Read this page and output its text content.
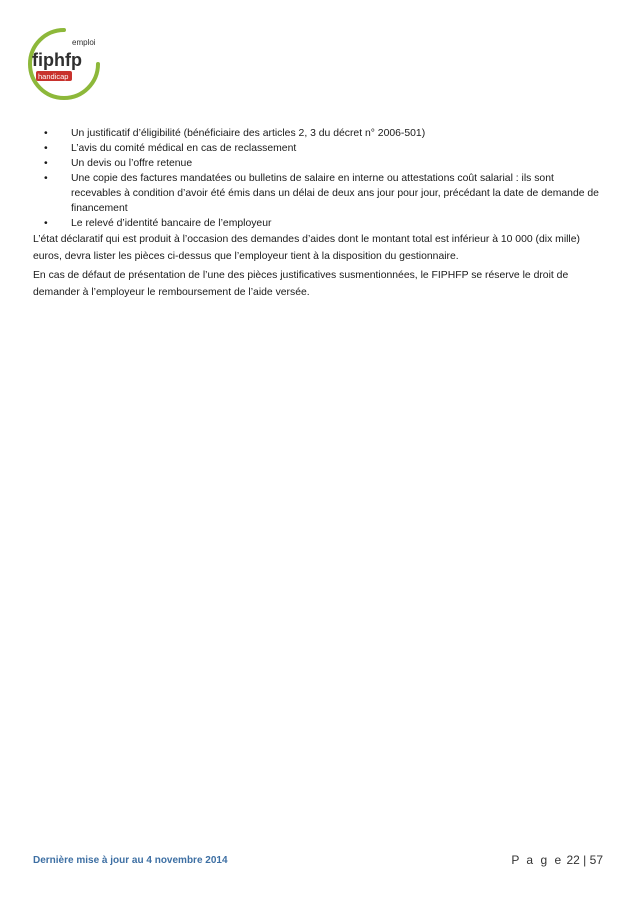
emploi
fiphfp
handicap
• Un justificatif d’éligibilité (bénéficiaire des articles 2, 3 du décret n° 2006-501)
• L’avis du comité médical en cas de reclassement
• Un devis ou l’offre retenue
• Une copie des factures mandatées ou bulletins de salaire en interne ou attestations coût salarial : ils sont recevables à condition d’avoir été émis dans un délai de deux ans jour pour jour, précédant la date de demande de financement
• Le relevé d’identité bancaire de l’employeur

L’état déclaratif qui est produit à l’occasion des demandes d’aides dont le montant total est inférieur à 10 000 (dix mille) euros, devra lister les pièces ci-dessus que l’employeur tient à la disposition du gestionnaire.

En cas de défaut de présentation de l’une des pièces justificatives susmentionnées, le FIPHFP se réserve le droit de demander à l’employeur le remboursement de l’aide versée.

Dernière mise à jour au 4 novembre 2014	P a g e 22 | 57
